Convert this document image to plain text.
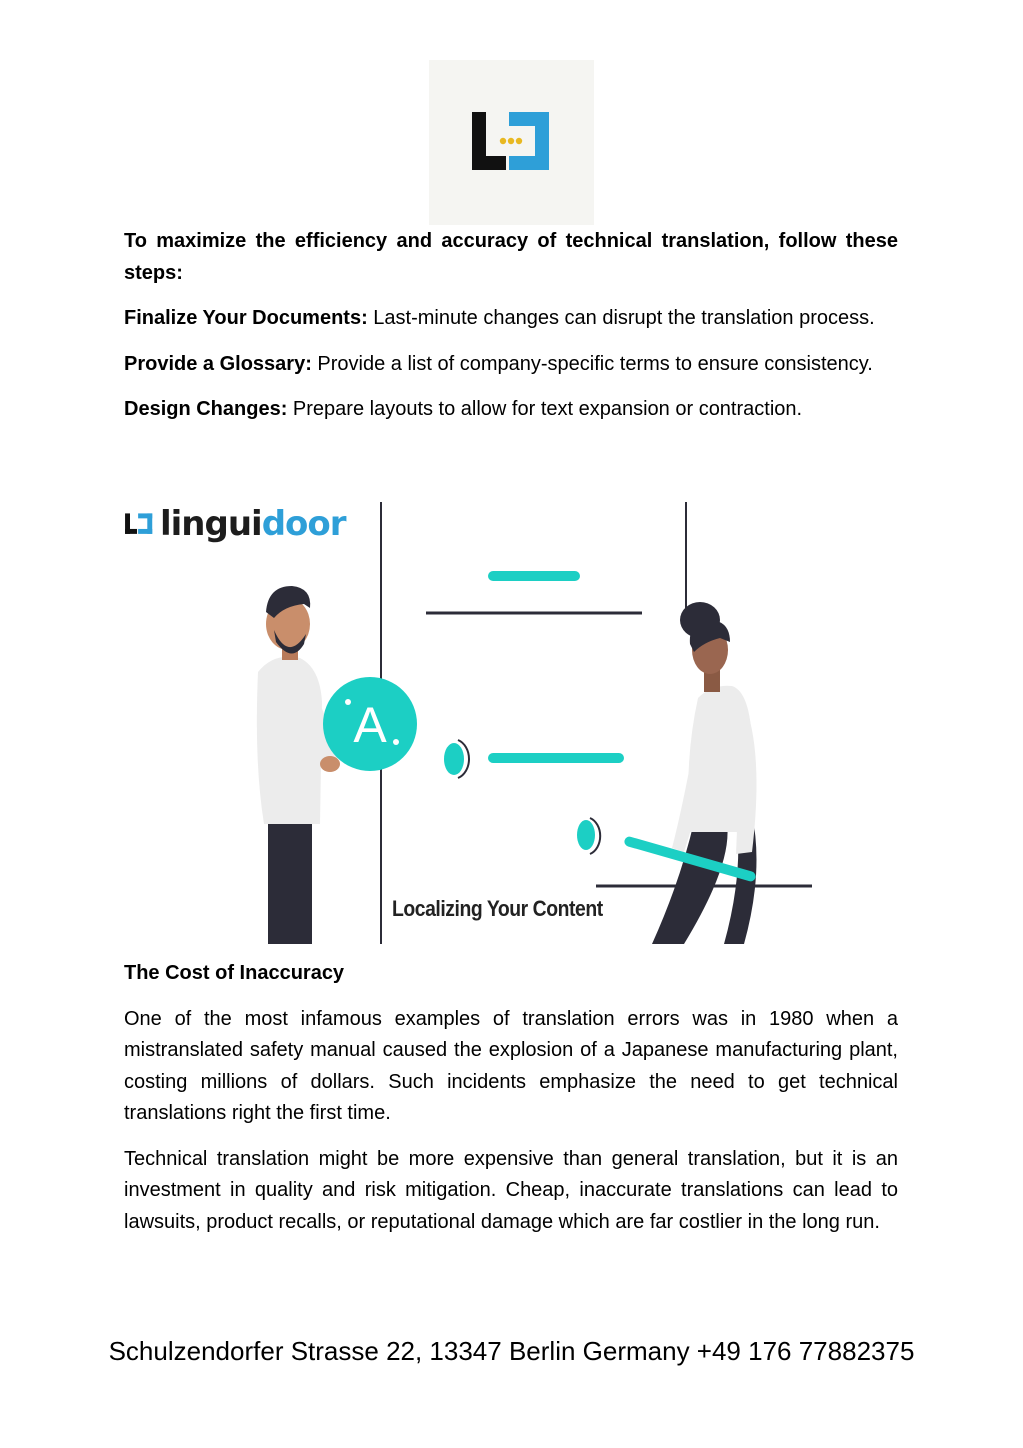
To maximize the efficiency and accuracy of technical translation, follow these steps:

Finalize Your Documents: Last-minute changes can disrupt the translation process.

Provide a Glossary: Provide a list of company-specific terms to ensure consistency.

Design Changes: Prepare layouts to allow for text expansion or contraction.

A
linguidoor
Localizing Your Content

The Cost of Inaccuracy

One of the most infamous examples of translation errors was in 1980 when a mistranslated safety manual caused the explosion of a Japanese manufacturing plant, costing millions of dollars. Such incidents emphasize the need to get technical translations right the first time.

Technical translation might be more expensive than general translation, but it is an investment in quality and risk mitigation. Cheap, inaccurate translations can lead to lawsuits, product recalls, or reputational damage which are far costlier in the long run.

Schulzendorfer Strasse 22, 13347 Berlin Germany +49 176 77882375
